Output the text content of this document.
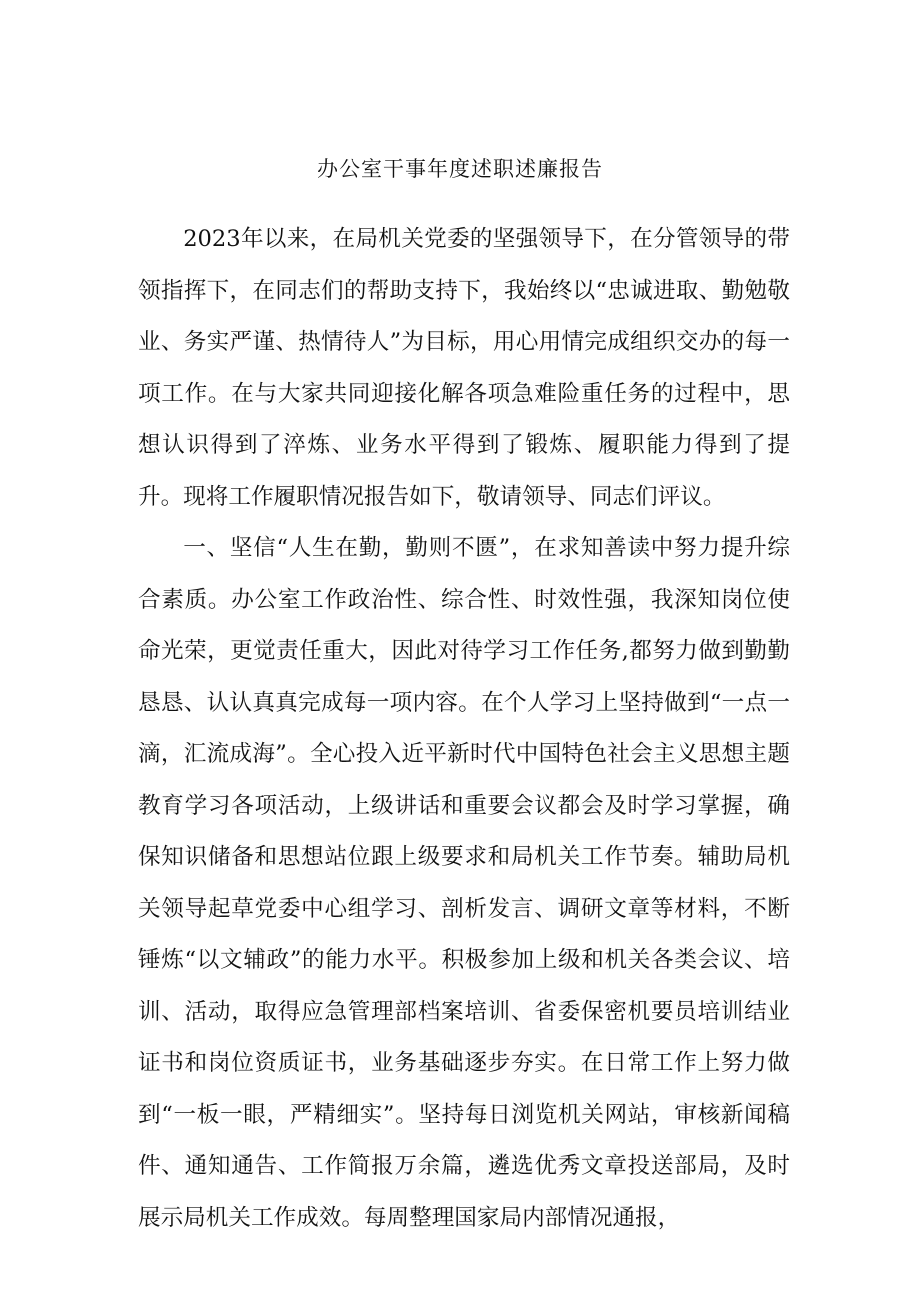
办公室干事年度述职述廉报告

2023年以来，在局机关党委的坚强领导下，在分管领导的带领指挥下，在同志们的帮助支持下，我始终以“忠诚进取、勤勉敬业、务实严谨、热情待人”为目标，用心用情完成组织交办的每一项工作。在与大家共同迎接化解各项急难险重任务的过程中，思想认识得到了淬炼、业务水平得到了锻炼、履职能力得到了提升。现将工作履职情况报告如下，敬请领导、同志们评议。

一、坚信“人生在勤，勤则不匮”，在求知善读中努力提升综合素质。办公室工作政治性、综合性、时效性强，我深知岗位使命光荣，更觉责任重大，因此对待学习工作任务,都努力做到勤勤恳恳、认认真真完成每一项内容。在个人学习上坚持做到“一点一滴，汇流成海”。全心投入近平新时代中国特色社会主义思想主题教育学习各项活动，上级讲话和重要会议都会及时学习掌握，确保知识储备和思想站位跟上级要求和局机关工作节奏。辅助局机关领导起草党委中心组学习、剖析发言、调研文章等材料，不断锤炼“以文辅政”的能力水平。积极参加上级和机关各类会议、培训、活动，取得应急管理部档案培训、省委保密机要员培训结业证书和岗位资质证书，业务基础逐步夯实。在日常工作上努力做到“一板一眼，严精细实”。坚持每日浏览机关网站，审核新闻稿件、通知通告、工作简报万余篇，遴选优秀文章投送部局，及时展示局机关工作成效。每周整理国家局内部情况通报，
